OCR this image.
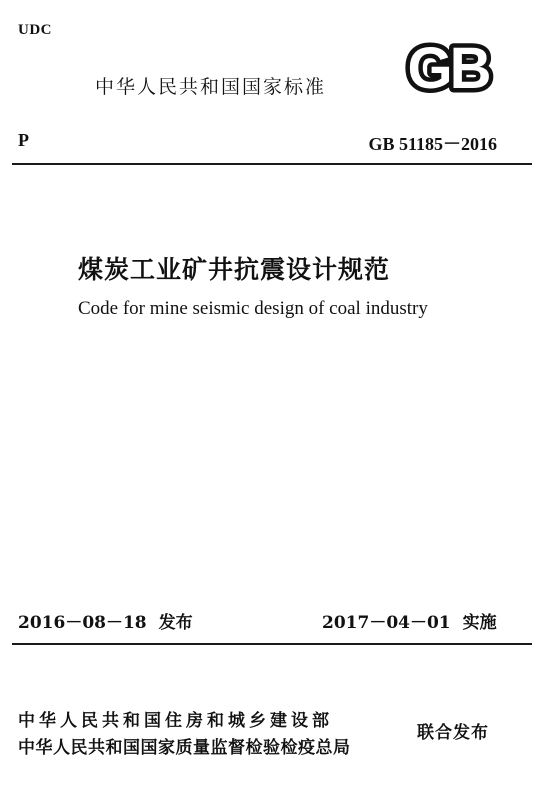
UDC
中华人民共和国国家标准 GB
P	GB 51185－2016
煤炭工业矿井抗震设计规范
Code for mine seismic design of coal industry
2016－08－18 发布	2017－04－01 实施
中华人民共和国住房和城乡建设部
中华人民共和国国家质量监督检验检疫总局
联合发布
